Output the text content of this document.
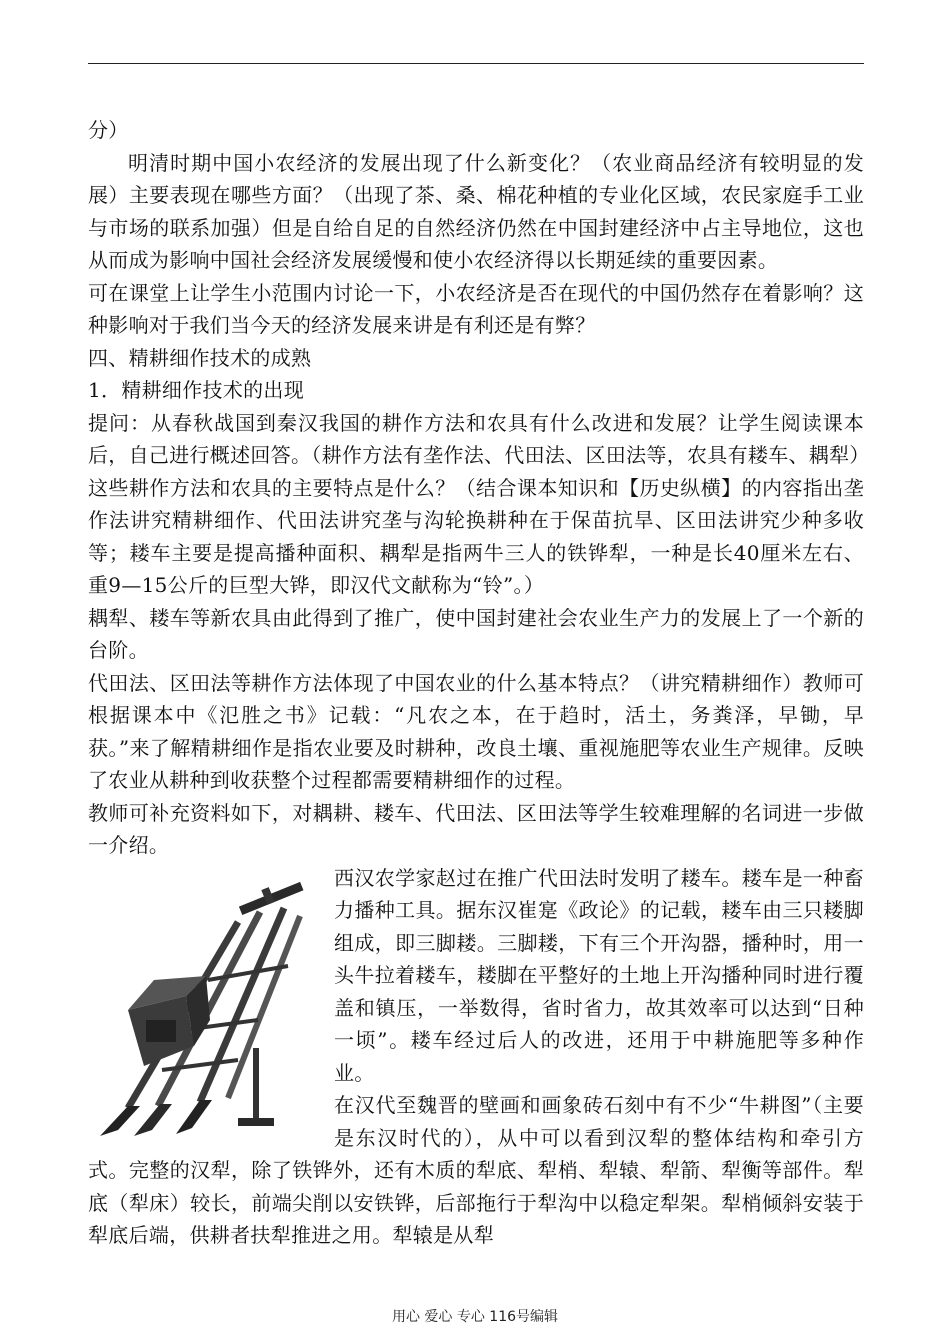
分）

明清时期中国小农经济的发展出现了什么新变化？（农业商品经济有较明显的发展）主要表现在哪些方面？（出现了茶、桑、棉花种植的专业化区域，农民家庭手工业与市场的联系加强）但是自给自足的自然经济仍然在中国封建经济中占主导地位，这也从而成为影响中国社会经济发展缓慢和使小农经济得以长期延续的重要因素。

可在课堂上让学生小范围内讨论一下，小农经济是否在现代的中国仍然存在着影响？这种影响对于我们当今天的经济发展来讲是有利还是有弊？

四、精耕细作技术的成熟

1．精耕细作技术的出现

提问：从春秋战国到秦汉我国的耕作方法和农具有什么改进和发展？让学生阅读课本后，自己进行概述回答。（耕作方法有垄作法、代田法、区田法等，农具有耧车、耦犁）

这些耕作方法和农具的主要特点是什么？（结合课本知识和【历史纵横】的内容指出垄作法讲究精耕细作、代田法讲究垄与沟轮换耕种在于保苗抗旱、区田法讲究少种多收等；耧车主要是提高播种面积、耦犁是指两牛三人的铁铧犁，一种是长40厘米左右、重9—15公斤的巨型大铧，即汉代文献称为“铃”。）

耦犁、耧车等新农具由此得到了推广，使中国封建社会农业生产力的发展上了一个新的台阶。

代田法、区田法等耕作方法体现了中国农业的什么基本特点？（讲究精耕细作）教师可根据课本中《氾胜之书》记载：“凡农之本，在于趋时，活土，务粪泽，早锄，早获。”来了解精耕细作是指农业要及时耕种，改良土壤、重视施肥等农业生产规律。反映了农业从耕种到收获整个过程都需要精耕细作的过程。

教师可补充资料如下，对耦耕、耧车、代田法、区田法等学生较难理解的名词进一步做一介绍。

西汉农学家赵过在推广代田法时发明了耧车。耧车是一种畜力播种工具。据东汉崔寔《政论》的记载，耧车由三只耧脚组成，即三脚耧。三脚耧，下有三个开沟器，播种时，用一头牛拉着耧车，耧脚在平整好的土地上开沟播种同时进行覆盖和镇压，一举数得，省时省力，故其效率可以达到“日种一顷”。耧车经过后人的改进，还用于中耕施肥等多种作业。

在汉代至魏晋的壁画和画象砖石刻中有不少“牛耕图”（主要是东汉时代的），从中可以看到汉犁的整体结构和牵引方式。完整的汉犁，除了铁铧外，还有木质的犁底、犁梢、犁辕、犁箭、犁衡等部件。犁底（犁床）较长，前端尖削以安铁铧，后部拖行于犁沟中以稳定犁架。犁梢倾斜安装于犁底后端，供耕者扶犁推进之用。犁辕是从犁

用心 爱心 专心 116号编辑
